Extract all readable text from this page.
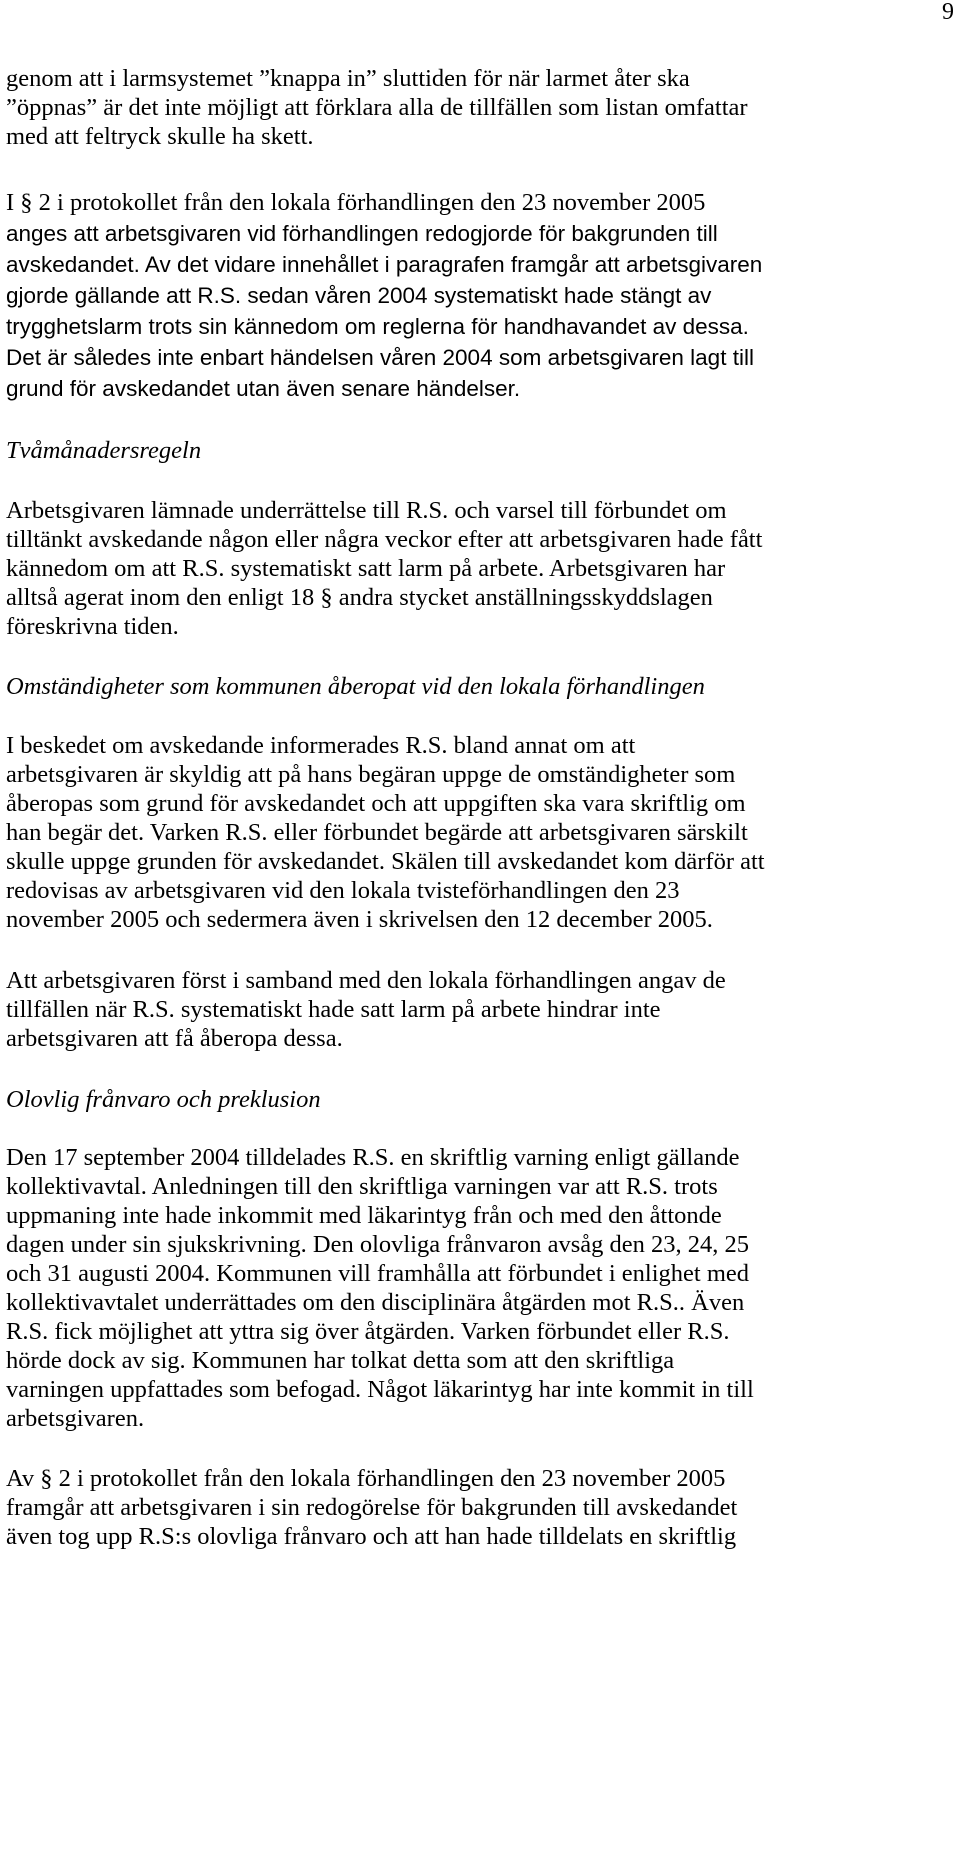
9
genom att i larmsystemet ”knappa in” sluttiden för när larmet åter ska
”öppnas” är det inte möjligt att förklara alla de tillfällen som listan omfattar
med att feltryck skulle ha skett.
I § 2 i protokollet från den lokala förhandlingen den 23 november 2005
anges att arbetsgivaren vid förhandlingen redogjorde för bakgrunden till
avskedandet. Av det vidare innehållet i paragrafen framgår att arbetsgivaren
gjorde gällande att R.S. sedan våren 2004 systematiskt hade stängt av
trygghetslarm trots sin kännedom om reglerna för handhavandet av dessa.
Det är således inte enbart händelsen våren 2004 som arbetsgivaren lagt till
grund för avskedandet utan även senare händelser.
Tvåmånadersregeln
Arbetsgivaren lämnade underrättelse till R.S. och varsel till förbundet om
tilltänkt avskedande någon eller några veckor efter att arbetsgivaren hade fått
kännedom om att R.S. systematiskt satt larm på arbete. Arbetsgivaren har
alltså agerat inom den enligt 18 § andra stycket anställningsskyddslagen
föreskrivna tiden.
Omständigheter som kommunen åberopat vid den lokala förhandlingen
I beskedet om avskedande informerades R.S. bland annat om att
arbetsgivaren är skyldig att på hans begäran uppge de omständigheter som
åberopas som grund för avskedandet och att uppgiften ska vara skriftlig om
han begär det. Varken R.S. eller förbundet begärde att arbetsgivaren särskilt
skulle uppge grunden för avskedandet. Skälen till avskedandet kom därför att
redovisas av arbetsgivaren vid den lokala tvisteförhandlingen den 23
november 2005 och sedermera även i skrivelsen den 12 december 2005.
Att arbetsgivaren först i samband med den lokala förhandlingen angav de
tillfällen när R.S. systematiskt hade satt larm på arbete hindrar inte
arbetsgivaren att få åberopa dessa.
Olovlig frånvaro och preklusion
Den 17 september 2004 tilldelades R.S. en skriftlig varning enligt gällande
kollektivavtal. Anledningen till den skriftliga varningen var att R.S. trots
uppmaning inte hade inkommit med läkarintyg från och med den åttonde
dagen under sin sjukskrivning. Den olovliga frånvaron avsåg den 23, 24, 25
och 31 augusti 2004. Kommunen vill framhålla att förbundet i enlighet med
kollektivavtalet underrättades om den disciplinära åtgärden mot R.S.. Även
R.S. fick möjlighet att yttra sig över åtgärden. Varken förbundet eller R.S.
hörde dock av sig. Kommunen har tolkat detta som att den skriftliga
varningen uppfattades som befogad. Något läkarintyg har inte kommit in till
arbetsgivaren.
Av § 2 i protokollet från den lokala förhandlingen den 23 november 2005
framgår att arbetsgivaren i sin redogörelse för bakgrunden till avskedandet
även tog upp R.S:s olovliga frånvaro och att han hade tilldelats en skriftlig
